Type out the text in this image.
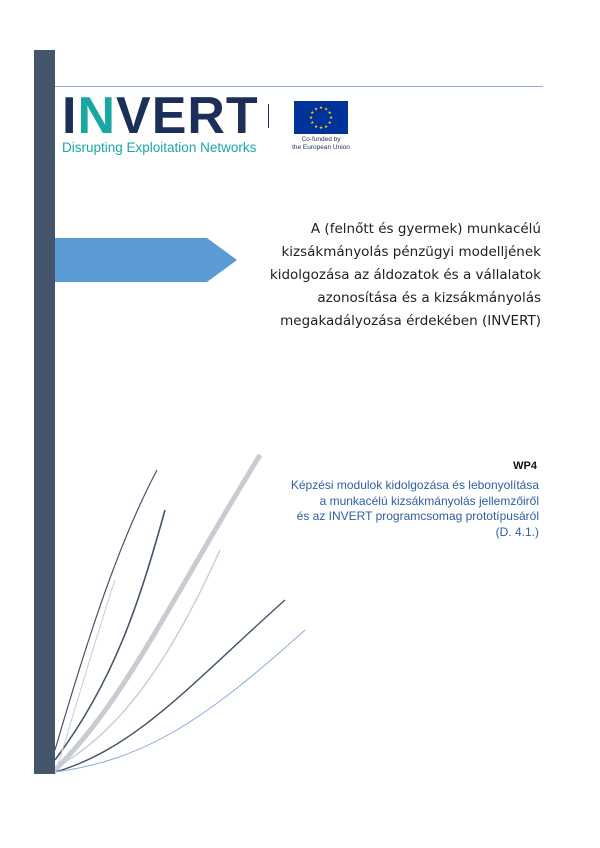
INVERT
Disrupting Exploitation Networks
★ ★
★
★
★
★
★
★
★
★
★
★
Co-funded by
the European Union
A (felnőtt és gyermek) munkacélú
kizsákmányolás pénzügyi modelljének
kidolgozása az áldozatok és a vállalatok
azonosítása és a kizsákmányolás
megakadályozása érdekében (INVERT)
WP4
Képzési modulok kidolgozása és lebonyolítása
a munkacélú kizsákmányolás jellemzőiről
és az INVERT programcsomag prototípusáról
(D. 4.1.)
